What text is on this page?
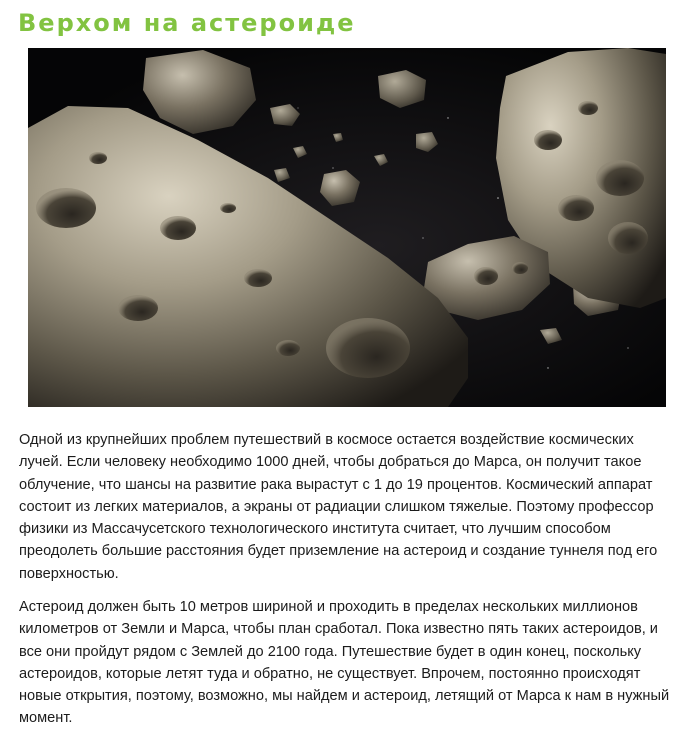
Верхом на астероиде

Одной из крупнейших проблем путешествий в космосе остается воздействие космических лучей. Если человеку необходимо 1000 дней, чтобы добраться до Марса, он получит такое облучение, что шансы на развитие рака вырастут с 1 до 19 процентов. Космический аппарат состоит из легких материалов, а экраны от радиации слишком тяжелые. Поэтому профессор физики из Массачусетского технологического института считает, что лучшим способом преодолеть большие расстояния будет приземление на астероид и создание туннеля под его поверхностью.

Астероид должен быть 10 метров шириной и проходить в пределах нескольких миллионов километров от Земли и Марса, чтобы план сработал. Пока известно пять таких астероидов, и все они пройдут рядом с Землей до 2100 года. Путешествие будет в один конец, поскольку астероидов, которые летят туда и обратно, не существует. Впрочем, постоянно происходят новые открытия, поэтому, возможно, мы найдем и астероид, летящий от Марса к нам в нужный момент.
